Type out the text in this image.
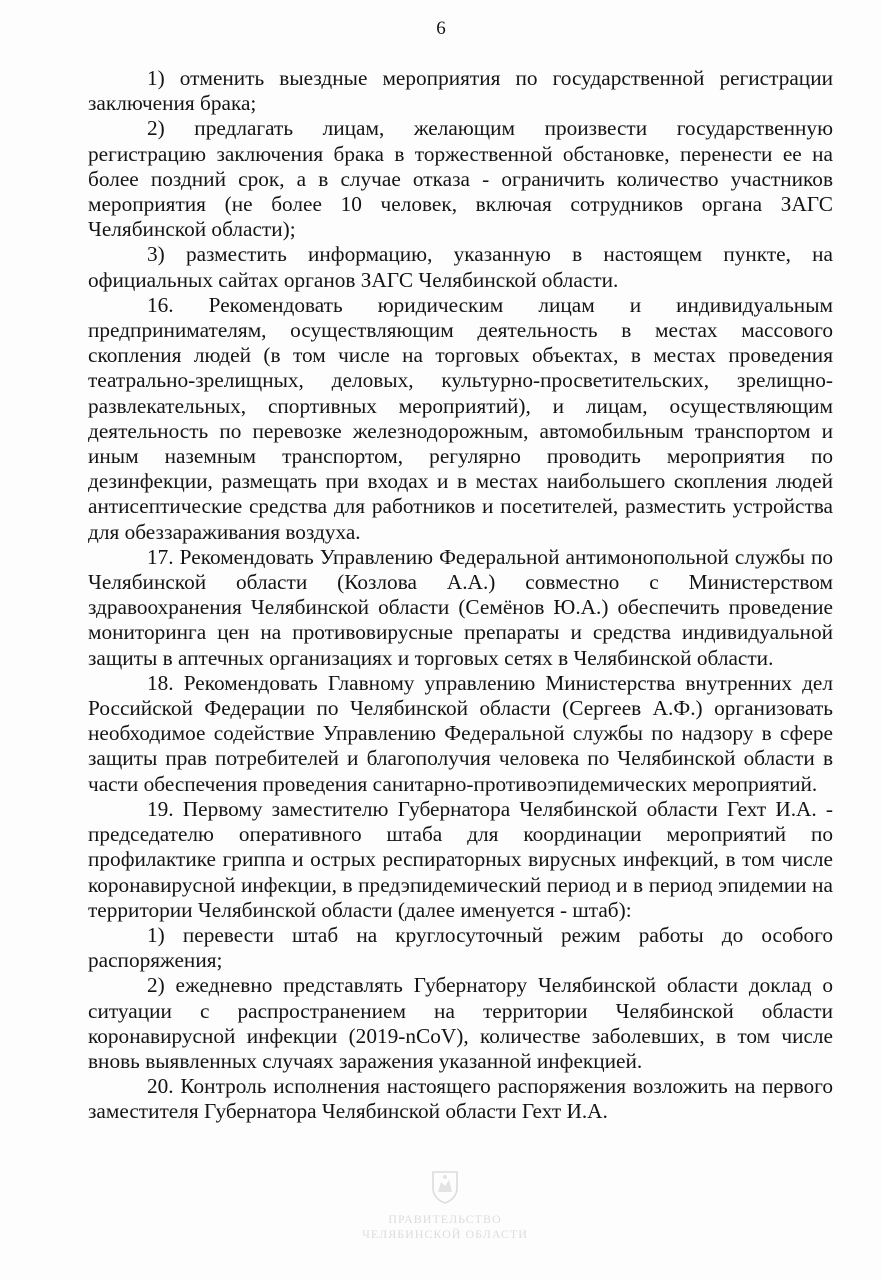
6

1) отменить выездные мероприятия по государственной регистрации заключения брака;

2) предлагать лицам, желающим произвести государственную регистрацию заключения брака в торжественной обстановке, перенести ее на более поздний срок, а в случае отказа - ограничить количество участников мероприятия (не более 10 человек, включая сотрудников органа ЗАГС Челябинской области);

3) разместить информацию, указанную в настоящем пункте, на официальных сайтах органов ЗАГС Челябинской области.

16. Рекомендовать юридическим лицам и индивидуальным предпринимателям, осуществляющим деятельность в местах массового скопления людей (в том числе на торговых объектах, в местах проведения театрально-зрелищных, деловых, культурно-просветительских, зрелищно-развлекательных, спортивных мероприятий), и лицам, осуществляющим деятельность по перевозке железнодорожным, автомобильным транспортом и иным наземным транспортом, регулярно проводить мероприятия по дезинфекции, размещать при входах и в местах наибольшего скопления людей антисептические средства для работников и посетителей, разместить устройства для обеззараживания воздуха.

17. Рекомендовать Управлению Федеральной антимонопольной службы по Челябинской области (Козлова А.А.) совместно с Министерством здравоохранения Челябинской области (Семёнов Ю.А.) обеспечить проведение мониторинга цен на противовирусные препараты и средства индивидуальной защиты в аптечных организациях и торговых сетях в Челябинской области.

18. Рекомендовать Главному управлению Министерства внутренних дел Российской Федерации по Челябинской области (Сергеев А.Ф.) организовать необходимое содействие Управлению Федеральной службы по надзору в сфере защиты прав потребителей и благополучия человека по Челябинской области в части обеспечения проведения санитарно-противоэпидемических мероприятий.

19. Первому заместителю Губернатора Челябинской области Гехт И.А. - председателю оперативного штаба для координации мероприятий по профилактике гриппа и острых респираторных вирусных инфекций, в том числе коронавирусной инфекции, в предэпидемический период и в период эпидемии на территории Челябинской области (далее именуется - штаб):

1) перевести штаб на круглосуточный режим работы до особого распоряжения;

2) ежедневно представлять Губернатору Челябинской области доклад о ситуации с распространением на территории Челябинской области коронавирусной инфекции (2019-nCoV), количестве заболевших, в том числе вновь выявленных случаях заражения указанной инфекцией.

20. Контроль исполнения настоящего распоряжения возложить на первого заместителя Губернатора Челябинской области Гехт И.А.

ПРАВИТЕЛЬСТВО
ЧЕЛЯБИНСКОЙ ОБЛАСТИ
